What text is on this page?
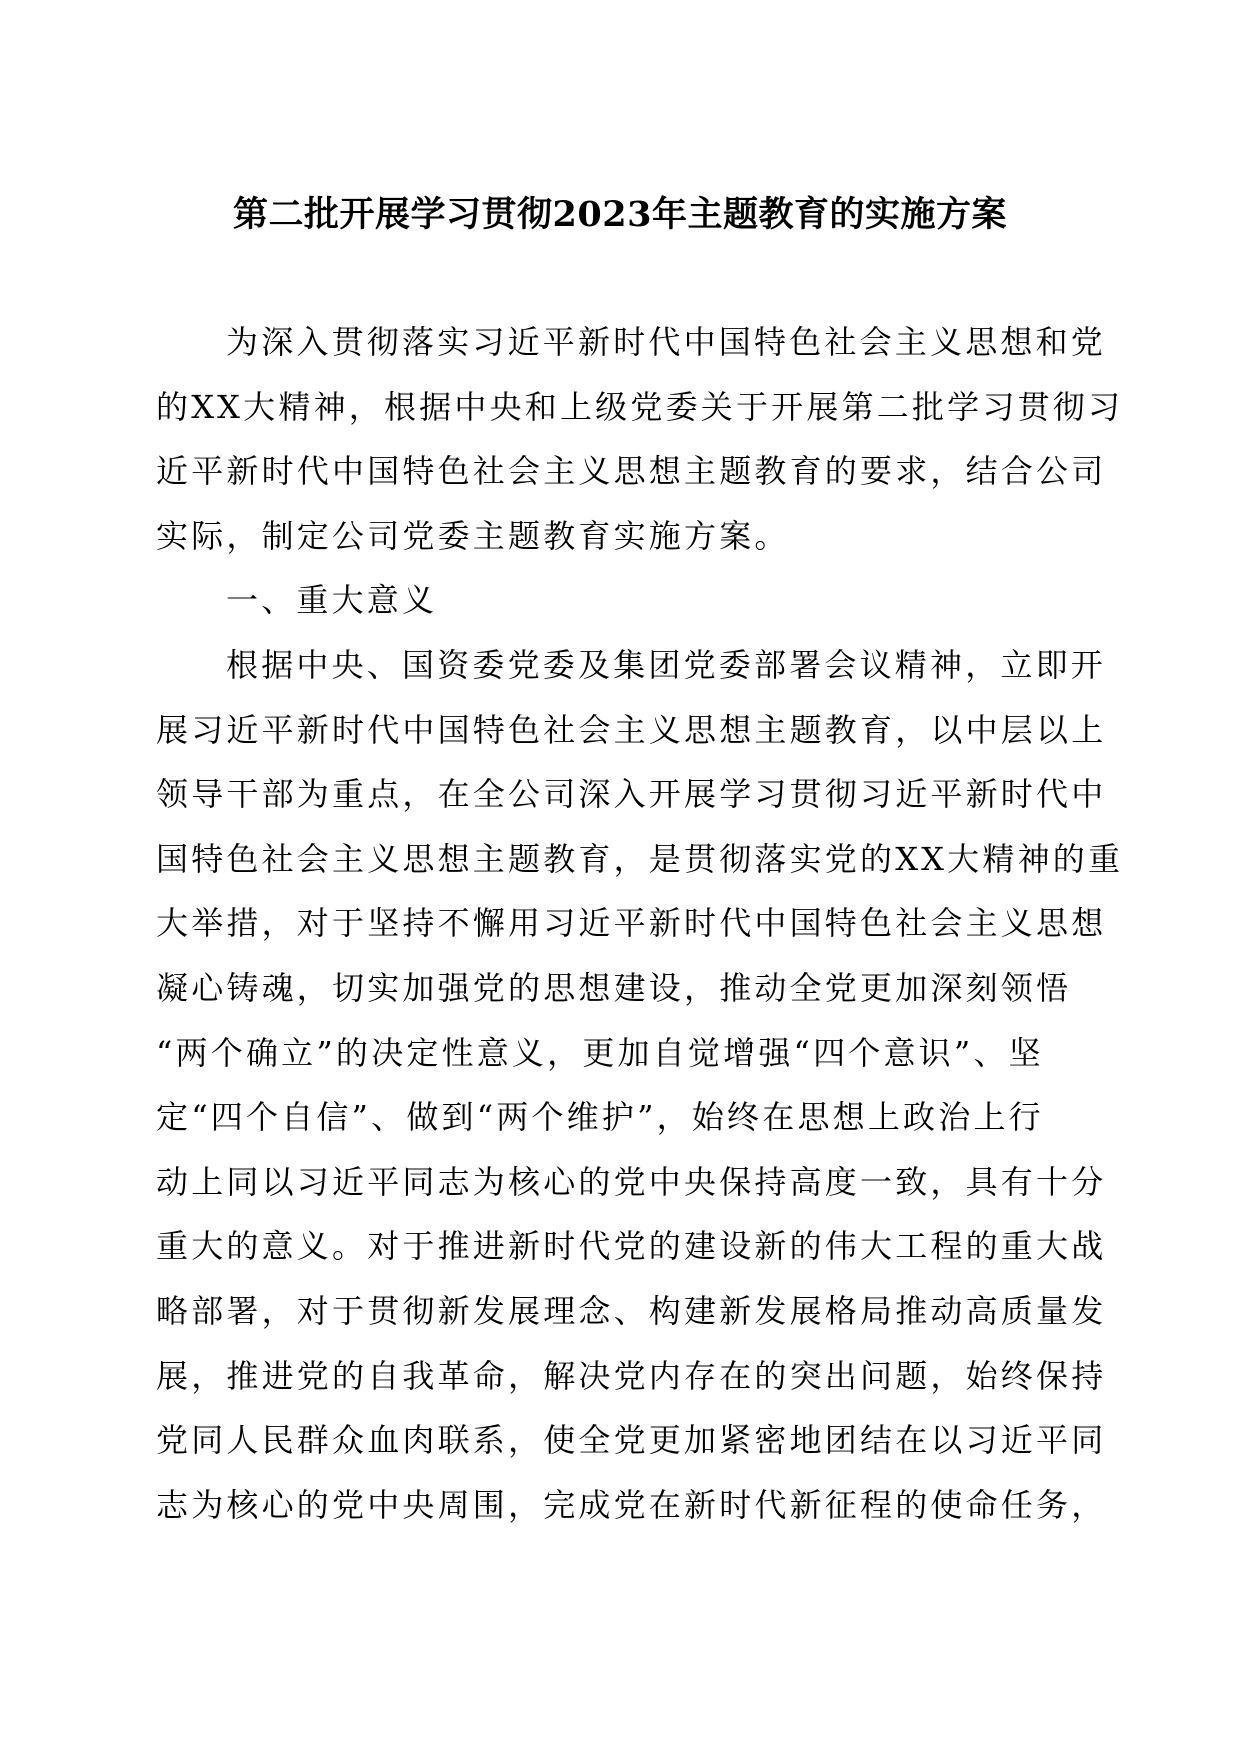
第二批开展学习贯彻2023年主题教育的实施方案
为深入贯彻落实习近平新时代中国特色社会主义思想和党
的XX大精神，根据中央和上级党委关于开展第二批学习贯彻习
近平新时代中国特色社会主义思想主题教育的要求，结合公司
实际，制定公司党委主题教育实施方案。
一、重大意义
根据中央、国资委党委及集团党委部署会议精神，立即开
展习近平新时代中国特色社会主义思想主题教育，以中层以上
领导干部为重点，在全公司深入开展学习贯彻习近平新时代中
国特色社会主义思想主题教育，是贯彻落实党的XX大精神的重
大举措，对于坚持不懈用习近平新时代中国特色社会主义思想
凝心铸魂，切实加强党的思想建设，推动全党更加深刻领悟
“两个确立”的决定性意义，更加自觉增强“四个意识”、坚
定“四个自信”、做到“两个维护”，始终在思想上政治上行
动上同以习近平同志为核心的党中央保持高度一致，具有十分
重大的意义。对于推进新时代党的建设新的伟大工程的重大战
略部署，对于贯彻新发展理念、构建新发展格局推动高质量发
展，推进党的自我革命，解决党内存在的突出问题，始终保持
党同人民群众血肉联系，使全党更加紧密地团结在以习近平同
志为核心的党中央周围，完成党在新时代新征程的使命任务，
